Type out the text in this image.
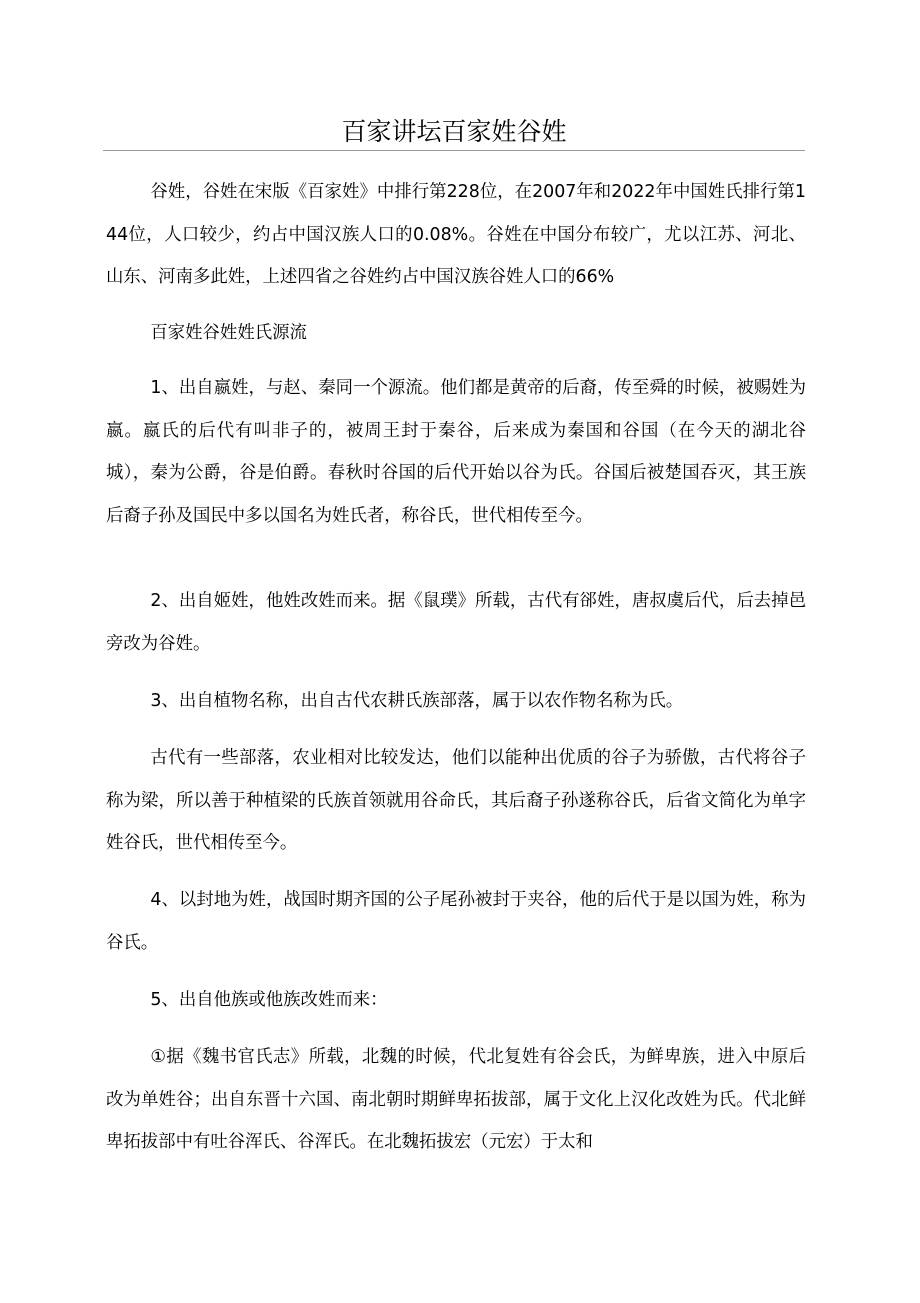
百家讲坛百家姓谷姓

谷姓，谷姓在宋版《百家姓》中排行第228位，在2007年和2022年中国姓氏排行第144位，人口较少，约占中国汉族人口的0.08%。谷姓在中国分布较广，尤以江苏、河北、山东、河南多此姓，上述四省之谷姓约占中国汉族谷姓人口的66%

百家姓谷姓姓氏源流

1、出自嬴姓，与赵、秦同一个源流。他们都是黄帝的后裔，传至舜的时候，被赐姓为嬴。嬴氏的后代有叫非子的，被周王封于秦谷，后来成为秦国和谷国（在今天的湖北谷城），秦为公爵，谷是伯爵。春秋时谷国的后代开始以谷为氏。谷国后被楚国吞灭，其王族后裔子孙及国民中多以国名为姓氏者，称谷氏，世代相传至今。

2、出自姬姓，他姓改姓而来。据《鼠璞》所载，古代有郤姓，唐叔虞后代，后去掉邑旁改为谷姓。

3、出自植物名称，出自古代农耕氏族部落，属于以农作物名称为氏。

古代有一些部落，农业相对比较发达，他们以能种出优质的谷子为骄傲，古代将谷子称为梁，所以善于种植梁的氏族首领就用谷命氏，其后裔子孙遂称谷氏，后省文简化为单字姓谷氏，世代相传至今。

4、以封地为姓，战国时期齐国的公子尾孙被封于夹谷，他的后代于是以国为姓，称为谷氏。

5、出自他族或他族改姓而来：

①据《魏书官氏志》所载，北魏的时候，代北复姓有谷会氏，为鲜卑族，进入中原后改为单姓谷；出自东晋十六国、南北朝时期鲜卑拓拔部，属于文化上汉化改姓为氏。代北鲜卑拓拔部中有吐谷浑氏、谷浑氏。在北魏拓拔宏（元宏）于太和
